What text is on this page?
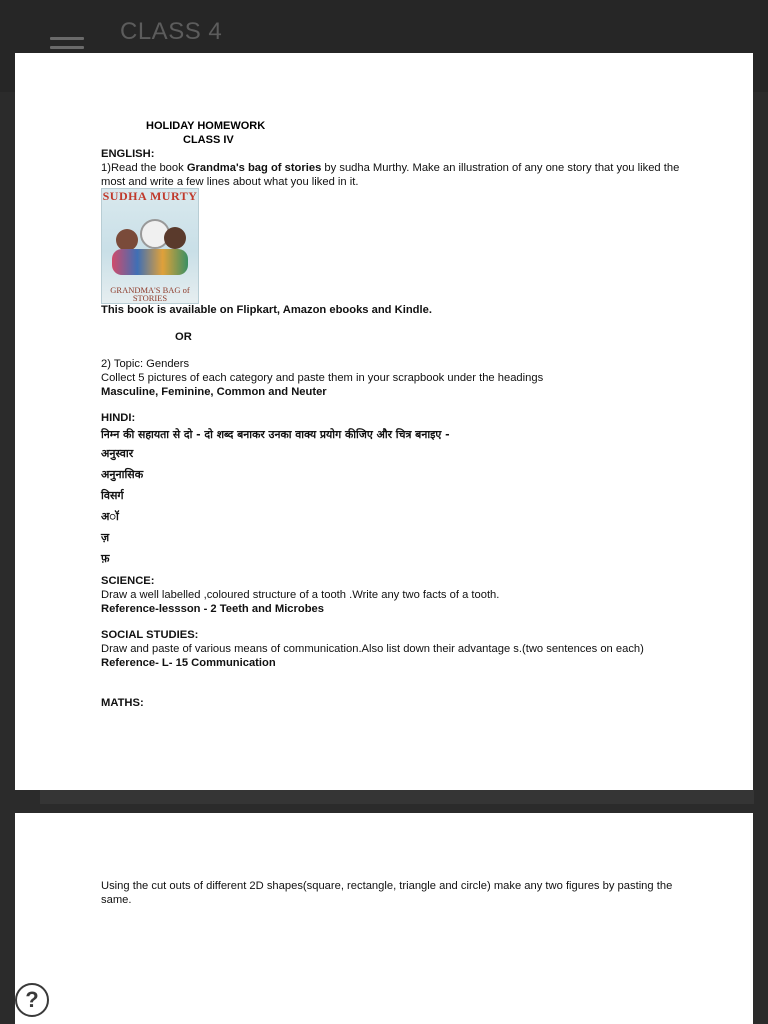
CLASS 4
HOLIDAY HOMEWORK
CLASS IV

ENGLISH:

1)Read the book Grandma's bag of stories by sudha Murthy. Make an illustration of any one story that you liked the most and write a few lines about what you liked in it.

SUDHA MURTY
GRANDMA'S BAG of STORIES

This book is available on Flipkart, Amazon ebooks and Kindle.

OR

2) Topic: Genders

Collect 5 pictures of each category and paste them in your scrapbook under the headings

Masculine, Feminine, Common and Neuter

HINDI:

निम्न की सहायता से दो - दो शब्द बनाकर उनका वाक्य प्रयोग कीजिए और चित्र बनाइए -

अनुस्वार

अनुनासिक

विसर्ग

अॉ

ज़

फ़

SCIENCE:

Draw a well labelled ,coloured structure of a tooth .Write any two facts of a tooth.

Reference-lessson - 2 Teeth and Microbes

SOCIAL STUDIES:

Draw and paste of various means of communication.Also list down their advantage s.(two sentences on each)

Reference- L- 15 Communication

MATHS:

Using the cut outs of different 2D shapes(square, rectangle, triangle and circle) make any two figures by pasting the same.

?
